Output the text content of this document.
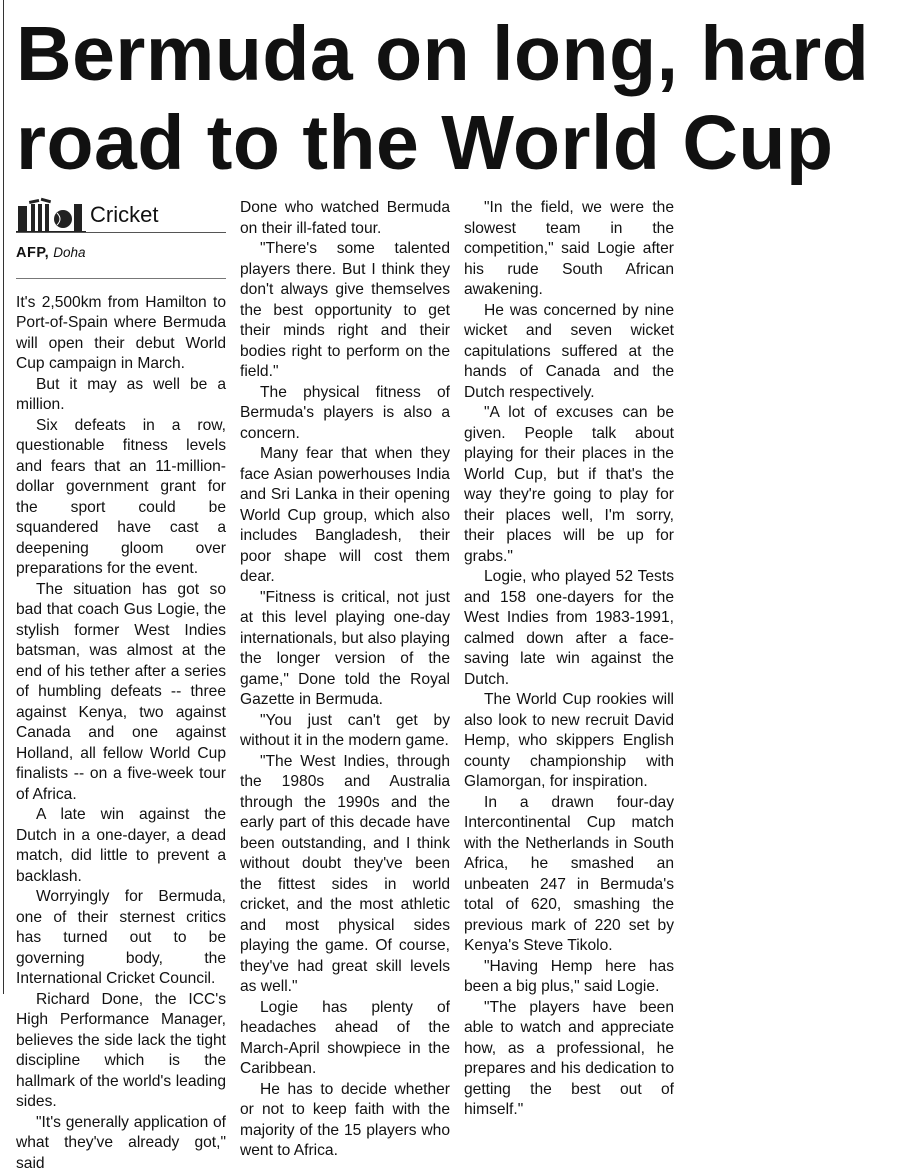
Bermuda on long, hard
road to the World Cup
Cricket
AFP, Doha

It's 2,500km from Hamilton to Port-of-Spain where Bermuda will open their debut World Cup campaign in March.

But it may as well be a million.

Six defeats in a row, questionable fitness levels and fears that an 11-million-dollar government grant for the sport could be squandered have cast a deepening gloom over preparations for the event.

The situation has got so bad that coach Gus Logie, the stylish former West Indies batsman, was almost at the end of his tether after a series of humbling defeats -- three against Kenya, two against Canada and one against Holland, all fellow World Cup finalists -- on a five-week tour of Africa.

A late win against the Dutch in a one-dayer, a dead match, did little to prevent a backlash.

Worryingly for Bermuda, one of their sternest critics has turned out to be governing body, the International Cricket Council.

Richard Done, the ICC's High Performance Manager, believes the side lack the tight discipline which is the hallmark of the world's leading sides.

"It's generally application of what they've already got," said

Done who watched Bermuda on their ill-fated tour.

"There's some talented players there. But I think they don't always give themselves the best opportunity to get their minds right and their bodies right to perform on the field."

The physical fitness of Bermuda's players is also a concern.

Many fear that when they face Asian powerhouses India and Sri Lanka in their opening World Cup group, which also includes Bangladesh, their poor shape will cost them dear.

"Fitness is critical, not just at this level playing one-day internationals, but also playing the longer version of the game," Done told the Royal Gazette in Bermuda.

"You just can't get by without it in the modern game.

"The West Indies, through the 1980s and Australia through the 1990s and the early part of this decade have been outstanding, and I think without doubt they've been the fittest sides in world cricket, and the most athletic and most physical sides playing the game. Of course, they've had great skill levels as well."

Logie has plenty of headaches ahead of the March-April showpiece in the Caribbean.

He has to decide whether or not to keep faith with the majority of the 15 players who went to Africa.

"In the field, we were the slowest team in the competition," said Logie after his rude South African awakening.

He was concerned by nine wicket and seven wicket capitulations suffered at the hands of Canada and the Dutch respectively.

"A lot of excuses can be given. People talk about playing for their places in the World Cup, but if that's the way they're going to play for their places well, I'm sorry, their places will be up for grabs."

Logie, who played 52 Tests and 158 one-dayers for the West Indies from 1983-1991, calmed down after a face-saving late win against the Dutch.

The World Cup rookies will also look to new recruit David Hemp, who skippers English county championship with Glamorgan, for inspiration.

In a drawn four-day Intercontinental Cup match with the Netherlands in South Africa, he smashed an unbeaten 247 in Bermuda's total of 620, smashing the previous mark of 220 set by Kenya's Steve Tikolo.

"Having Hemp here has been a big plus," said Logie.

"The players have been able to watch and appreciate how, as a professional, he prepares and his dedication to getting the best out of himself."
